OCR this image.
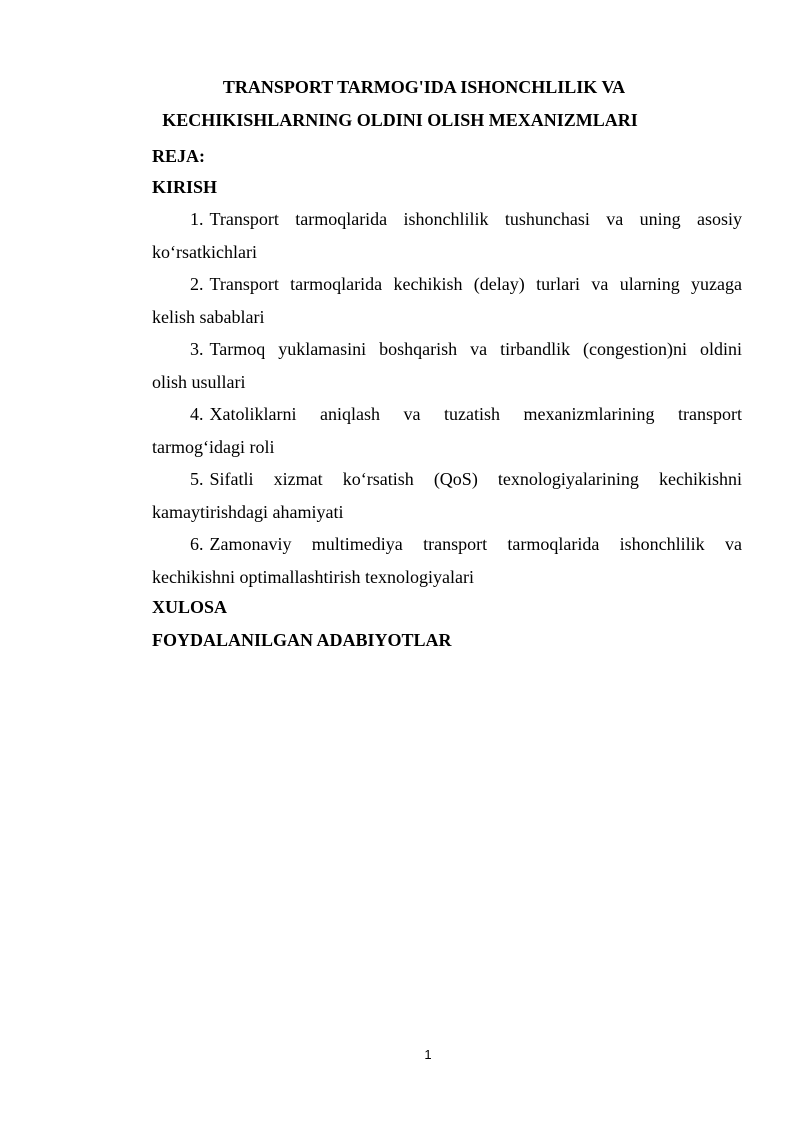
TRANSPORT TARMOG'IDA ISHONCHLILIK VA
KECHIKISHLARNING OLDINI OLISH MEXANIZMLARI
REJA:
KIRISH
1. Transport tarmoqlarida ishonchlilik tushunchasi va uning asosiy
ko‘rsatkichlari
2. Transport tarmoqlarida kechikish (delay) turlari va ularning yuzaga
kelish sabablari
3. Tarmoq yuklamasini boshqarish va tirbandlik (congestion)ni oldini
olish usullari
4. Xatoliklarni aniqlash va tuzatish mexanizmlarining transport
tarmog‘idagi roli
5. Sifatli xizmat ko‘rsatish (QoS) texnologiyalarining kechikishni
kamaytirishdagi ahamiyati
6. Zamonaviy multimediya transport tarmoqlarida ishonchlilik va
kechikishni optimallashtirish texnologiyalari
XULOSA
FOYDALANILGAN ADABIYOTLAR
1
